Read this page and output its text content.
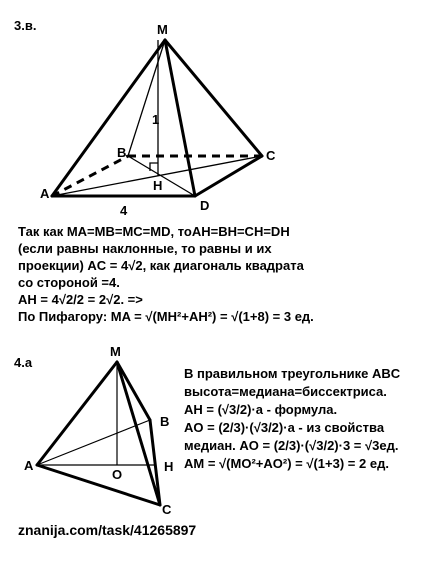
3.в.	M
B	C
A
H
D
1
4
Так как MA=MB=MC=MD, тоAH=BH=CH=DH
(если равны наклонные, то равны и их
проекции) AC = 4√2, как диагональ квадрата
со стороной =4.
AH = 4√2/2 = 2√2. =>
По Пифагору: MA = √(MH²+AH²) = √(1+8) = 3 ед.
4.a
M
B
A
O
H
C
В правильном треугольнике ABC
высота=медиана=биссектриса.
AH = (√3/2)·a - формула.
AO = (2/3)·(√3/2)·a - из свойства
медиан. AO = (2/3)·(√3/2)·3 = √3ед.
AM = √(MO²+AO²) = √(1+3) = 2 ед.
znanija.com/task/41265897
